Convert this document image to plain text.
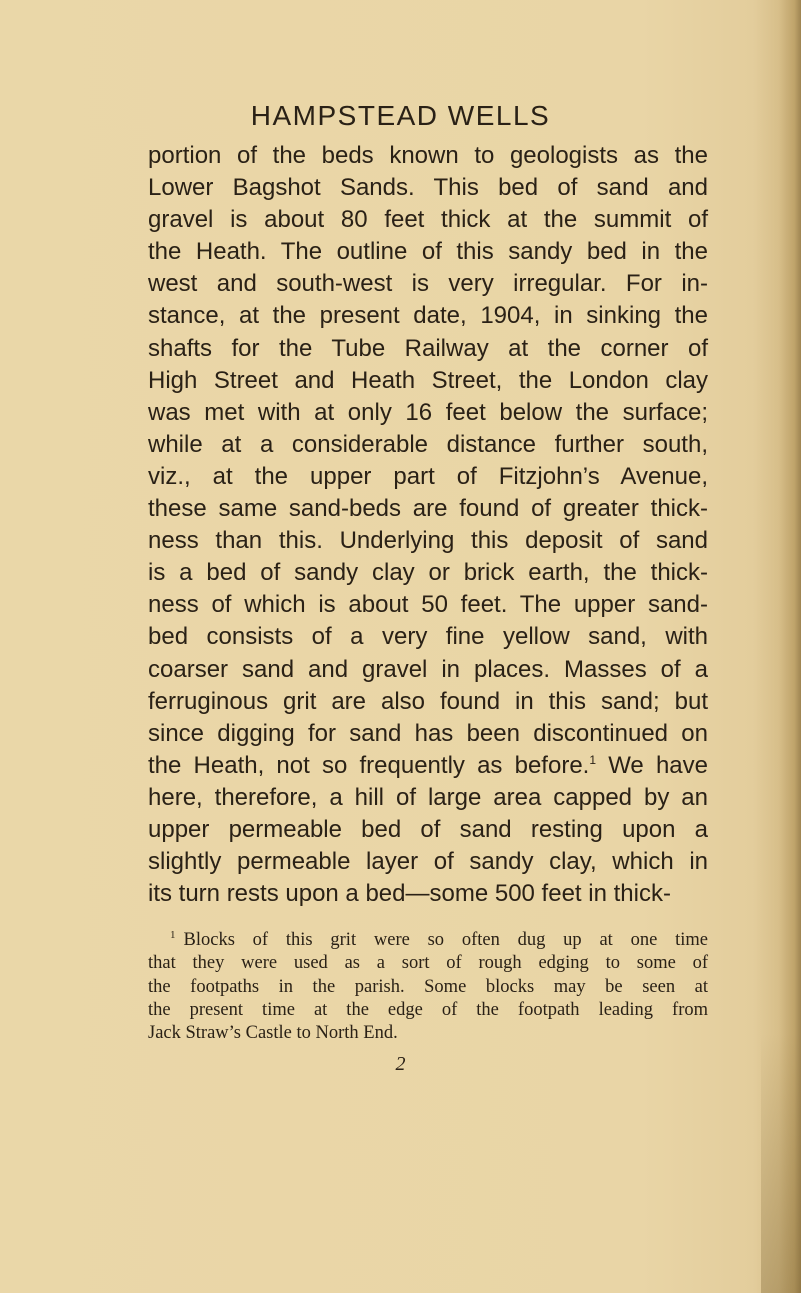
HAMPSTEAD WELLS
portion of the beds known to geologists as the
Lower Bagshot Sands. This bed of sand and
gravel is about 80 feet thick at the summit of
the Heath. The outline of this sandy bed in the
west and south-west is very irregular. For in-
stance, at the present date, 1904, in sinking the
shafts for the Tube Railway at the corner of
High Street and Heath Street, the London clay
was met with at only 16 feet below the surface;
while at a considerable distance further south,
viz., at the upper part of Fitzjohn’s Avenue,
these same sand-beds are found of greater thick-
ness than this. Underlying this deposit of sand
is a bed of sandy clay or brick earth, the thick-
ness of which is about 50 feet. The upper sand-
bed consists of a very fine yellow sand, with
coarser sand and gravel in places. Masses of a
ferruginous grit are also found in this sand; but
since digging for sand has been discontinued on
the Heath, not so frequently as before.$^1$ We have
here, therefore, a hill of large area capped by an
upper permeable bed of sand resting upon a
slightly permeable layer of sandy clay, which in
its turn rests upon a bed—some 500 feet in thick-
$^1$ Blocks of this grit were so often dug up at one time
that they were used as a sort of rough edging to some of
the footpaths in the parish. Some blocks may be seen at
the present time at the edge of the footpath leading from
Jack Straw’s Castle to North End.
2
